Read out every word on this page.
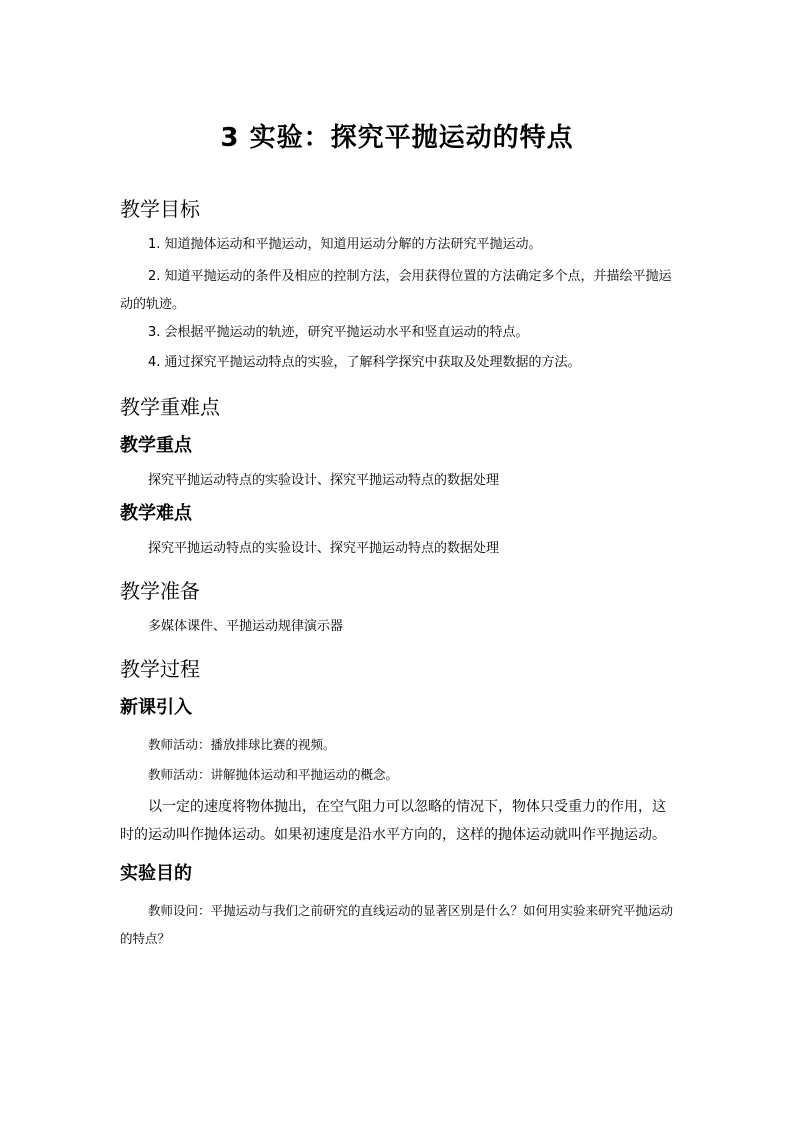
3 实验：探究平抛运动的特点
教学目标
1. 知道抛体运动和平抛运动，知道用运动分解的方法研究平抛运动。
2. 知道平抛运动的条件及相应的控制方法，会用获得位置的方法确定多个点，并描绘平抛运动的轨迹。
3. 会根据平抛运动的轨迹，研究平抛运动水平和竖直运动的特点。
4. 通过探究平抛运动特点的实验，了解科学探究中获取及处理数据的方法。
教学重难点
教学重点
探究平抛运动特点的实验设计、探究平抛运动特点的数据处理
教学难点
探究平抛运动特点的实验设计、探究平抛运动特点的数据处理
教学准备
多媒体课件、平抛运动规律演示器
教学过程
新课引入
教师活动：播放排球比赛的视频。
教师活动：讲解抛体运动和平抛运动的概念。
以一定的速度将物体抛出，在空气阻力可以忽略的情况下，物体只受重力的作用，这时的运动叫作抛体运动。如果初速度是沿水平方向的，这样的抛体运动就叫作平抛运动。
实验目的
教师设问：平抛运动与我们之前研究的直线运动的显著区别是什么？如何用实验来研究平抛运动的特点？
